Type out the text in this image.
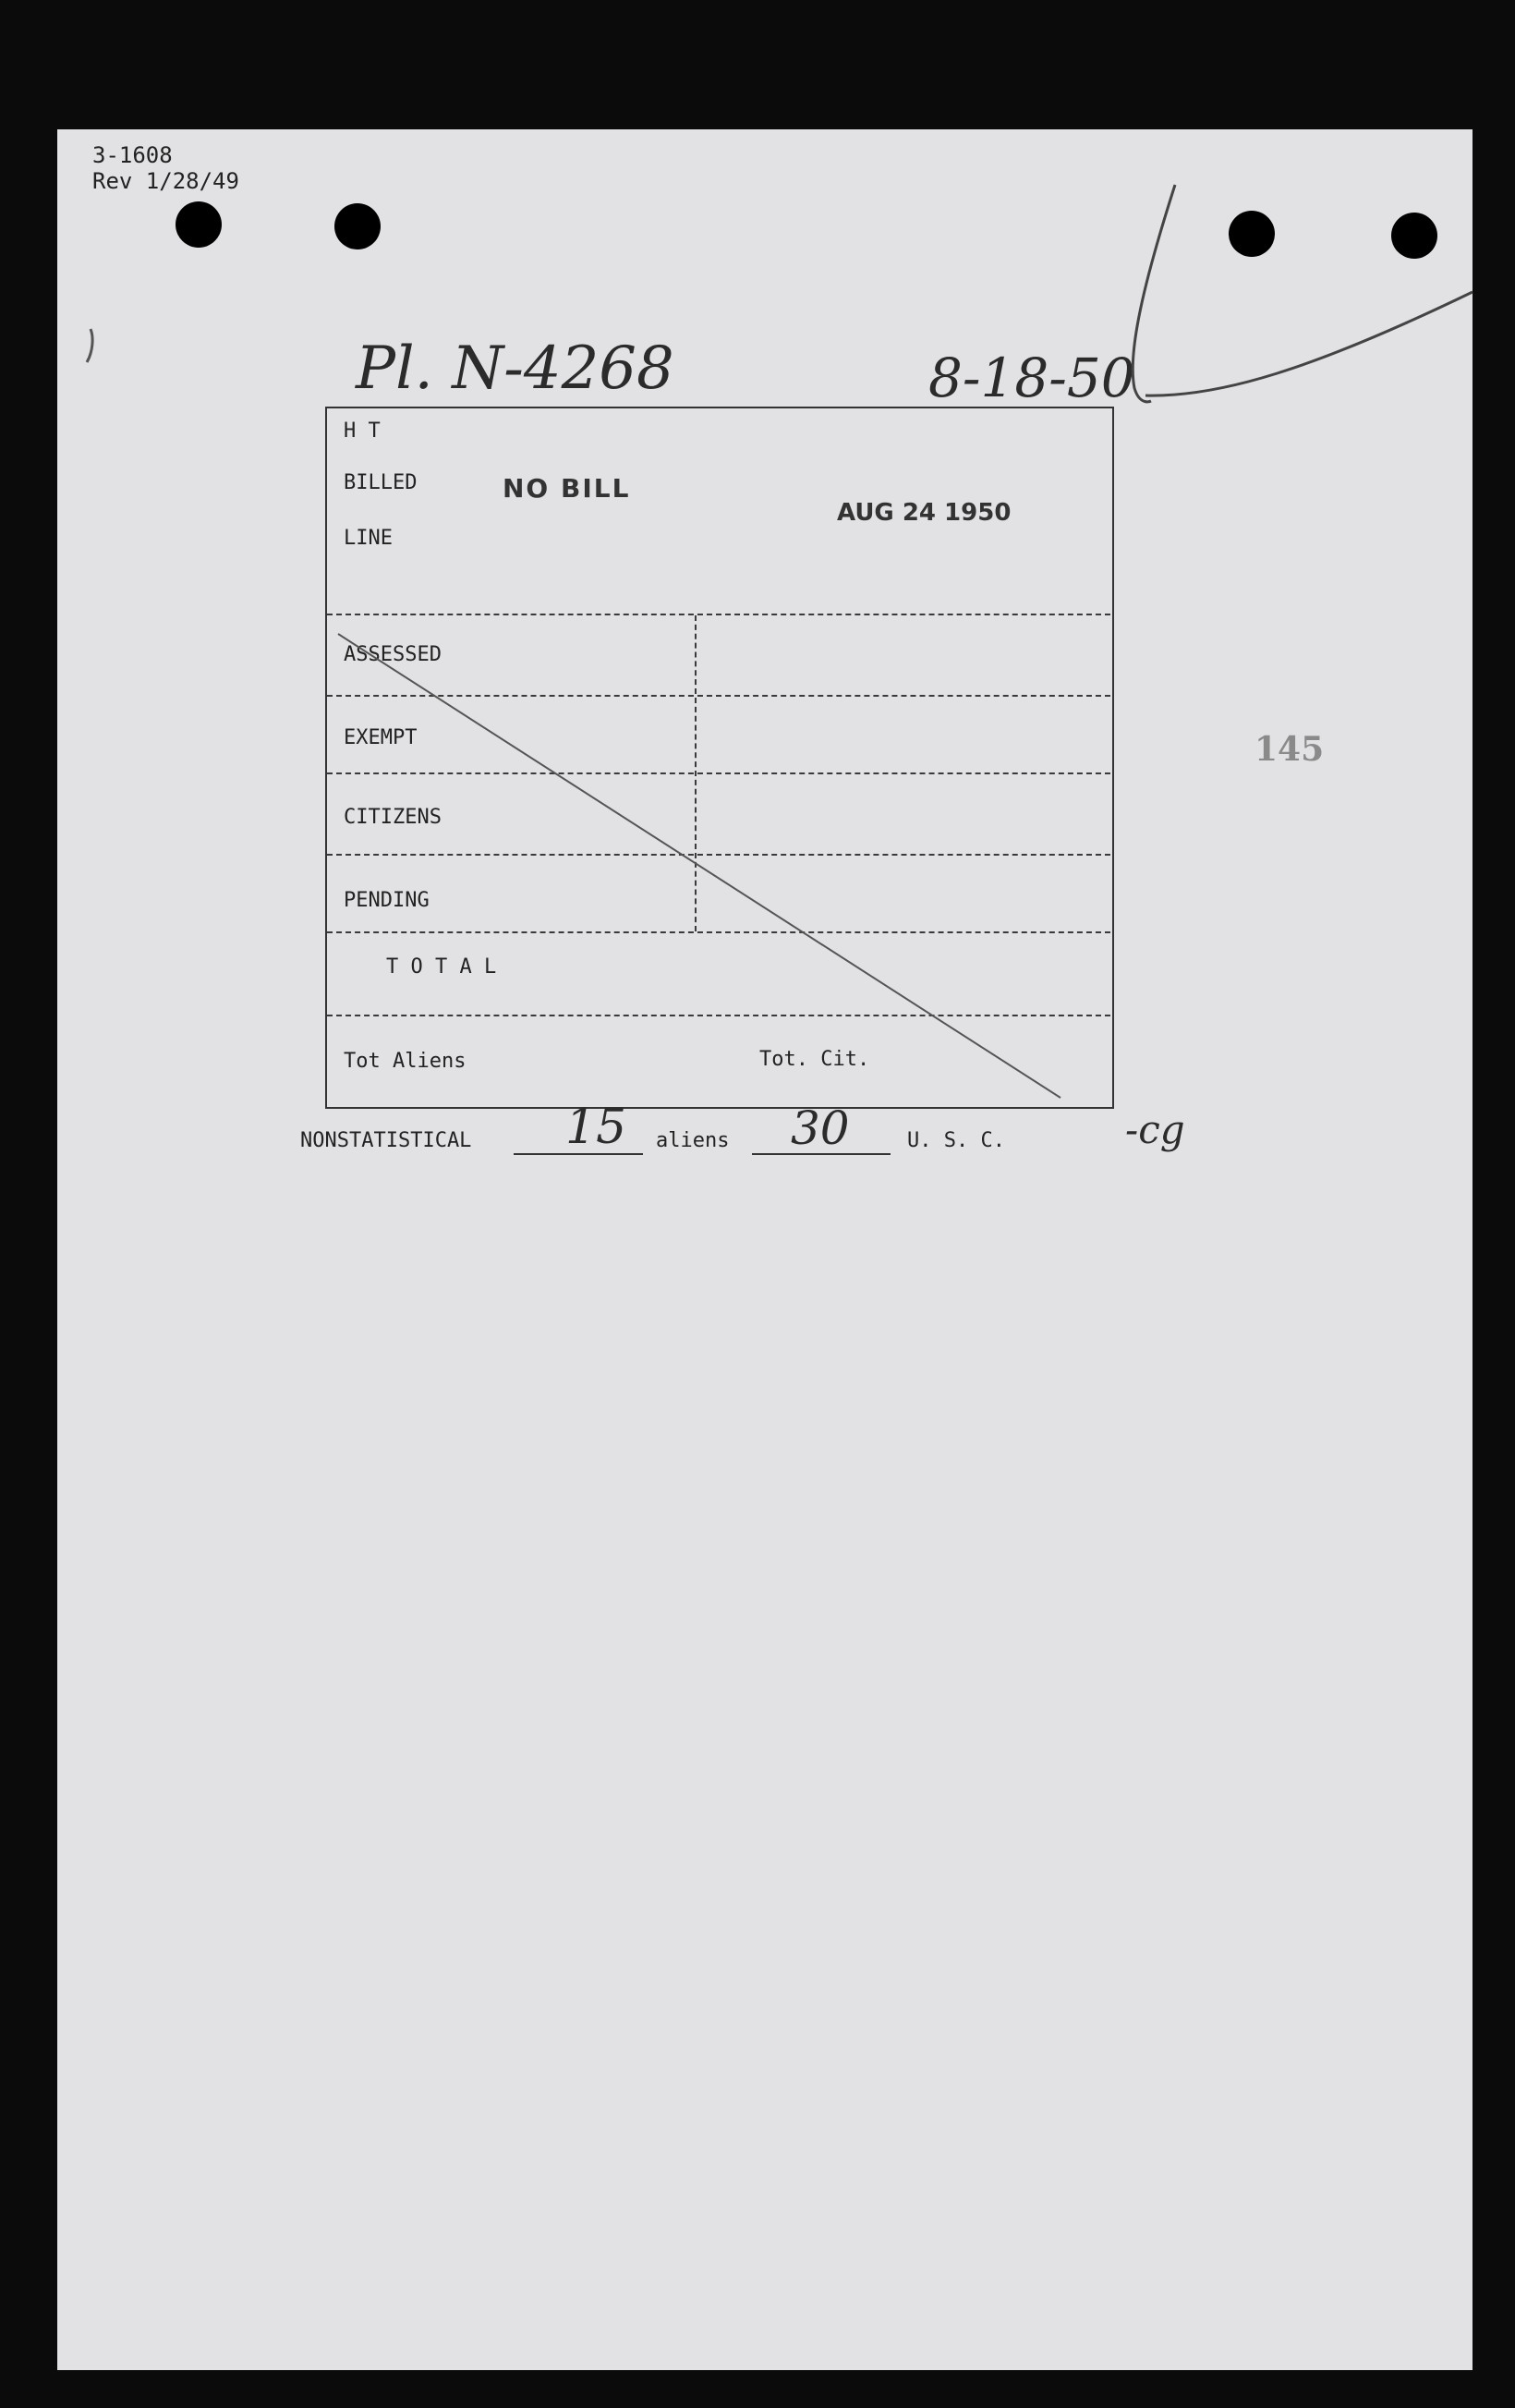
3-1608
Rev 1/28/49
Pl. N-4268	8-18-50
H T
BILLED
LINE
NO BILL
AUG 24 1950
ASSESSED
EXEMPT
CITIZENS
PENDING
T O T A L
Tot Aliens	Tot. Cit.
145
NONSTATISTICAL 15 aliens 30	U. S. C.	-cg
